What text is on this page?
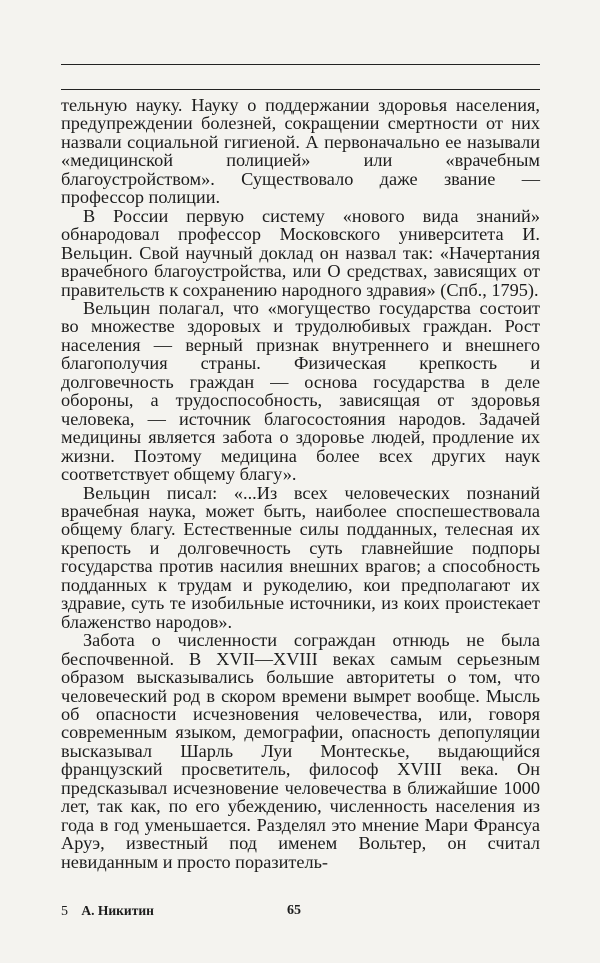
тельную науку. Науку о поддержании здоровья населения, предупреждении болезней, сокращении смертности от них назвали социальной гигиеной. А первоначально ее называли «медицинской полицией» или «врачебным благоустройством». Существовало даже звание — профессор полиции.

В России первую систему «нового вида знаний» обнародовал профессор Московского университета И. Вельцин. Свой научный доклад он назвал так: «Начертания врачебного благоустройства, или О средствах, зависящих от правительств к сохранению народного здравия» (Спб., 1795).

Вельцин полагал, что «могущество государства состоит во множестве здоровых и трудолюбивых граждан. Рост населения — верный признак внутреннего и внешнего благополучия страны. Физическая крепкость и долговечность граждан — основа государства в деле обороны, а трудоспособность, зависящая от здоровья человека, — источник благосостояния народов. Задачей медицины является забота о здоровье людей, продление их жизни. Поэтому медицина более всех других наук соответствует общему благу».

Вельцин писал: «...Из всех человеческих познаний врачебная наука, может быть, наиболее споспешествовала общему благу. Естественные силы подданных, телесная их крепость и долговечность суть главнейшие подпоры государства против насилия внешних врагов; а способность подданных к трудам и рукоделию, кои предполагают их здравие, суть те изобильные источники, из коих проистекает блаженство народов».

Забота о численности сограждан отнюдь не была беспочвенной. В XVII—XVIII веках самым серьезным образом высказывались большие авторитеты о том, что человеческий род в скором времени вымрет вообще. Мысль об опасности исчезновения человечества, или, говоря современным языком, демографии, опасность депопуляции высказывал Шарль Луи Монтескье, выдающийся французский просветитель, философ XVIII века. Он предсказывал исчезновение человечества в ближайшие 1000 лет, так как, по его убеждению, численность населения из года в год уменьшается. Разделял это мнение Мари Франсуа Аруэ, известный под именем Вольтер, он считал невиданным и просто поразитель-

5 А. Никитин	65
